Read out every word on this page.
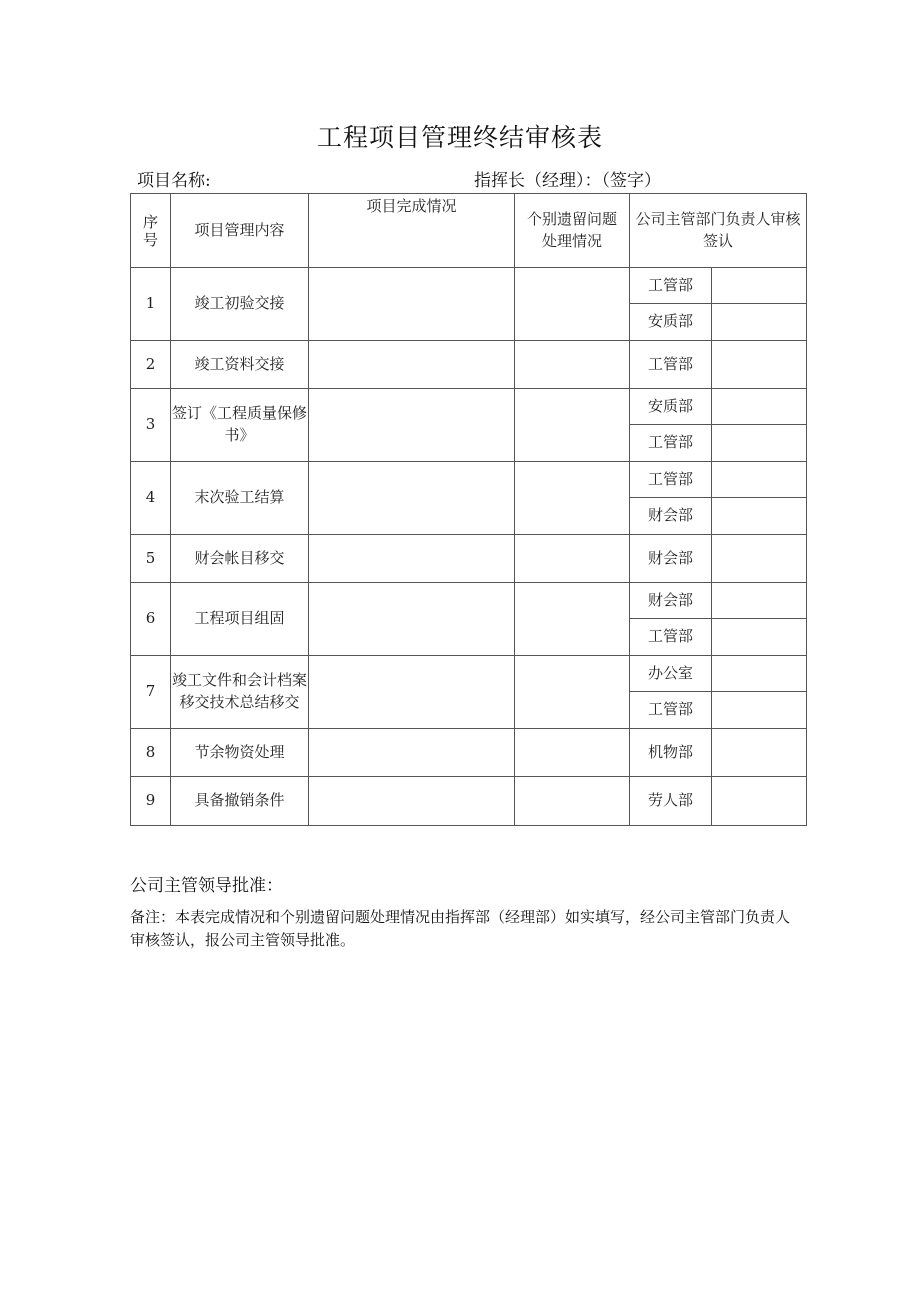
工程项目管理终结审核表
项目名称:	指挥长（经理）：（签字）
序号	项目管理内容	项目完成情况	个别遗留问题处理情况	公司主管部门负责人审核签认	
1	竣工初验交接			工管部	
				安质部	
2	竣工资料交接			工管部	
3	签订《工程质量保修书》			安质部	
				工管部	
4	末次验工结算			工管部	
				财会部	
5	财会帐目移交			财会部	
6	工程项目组固			财会部	
				工管部	
7	竣工文件和会计档案移交技术总结移交			办公室	
				工管部	
8	节余物资处理			机物部	
9	具备撤销条件			劳人部	
公司主管领导批准：
备注：本表完成情况和个别遗留问题处理情况由指挥部（经理部）如实填写，经公司主管部门负责人审核签认，报公司主管领导批准。
